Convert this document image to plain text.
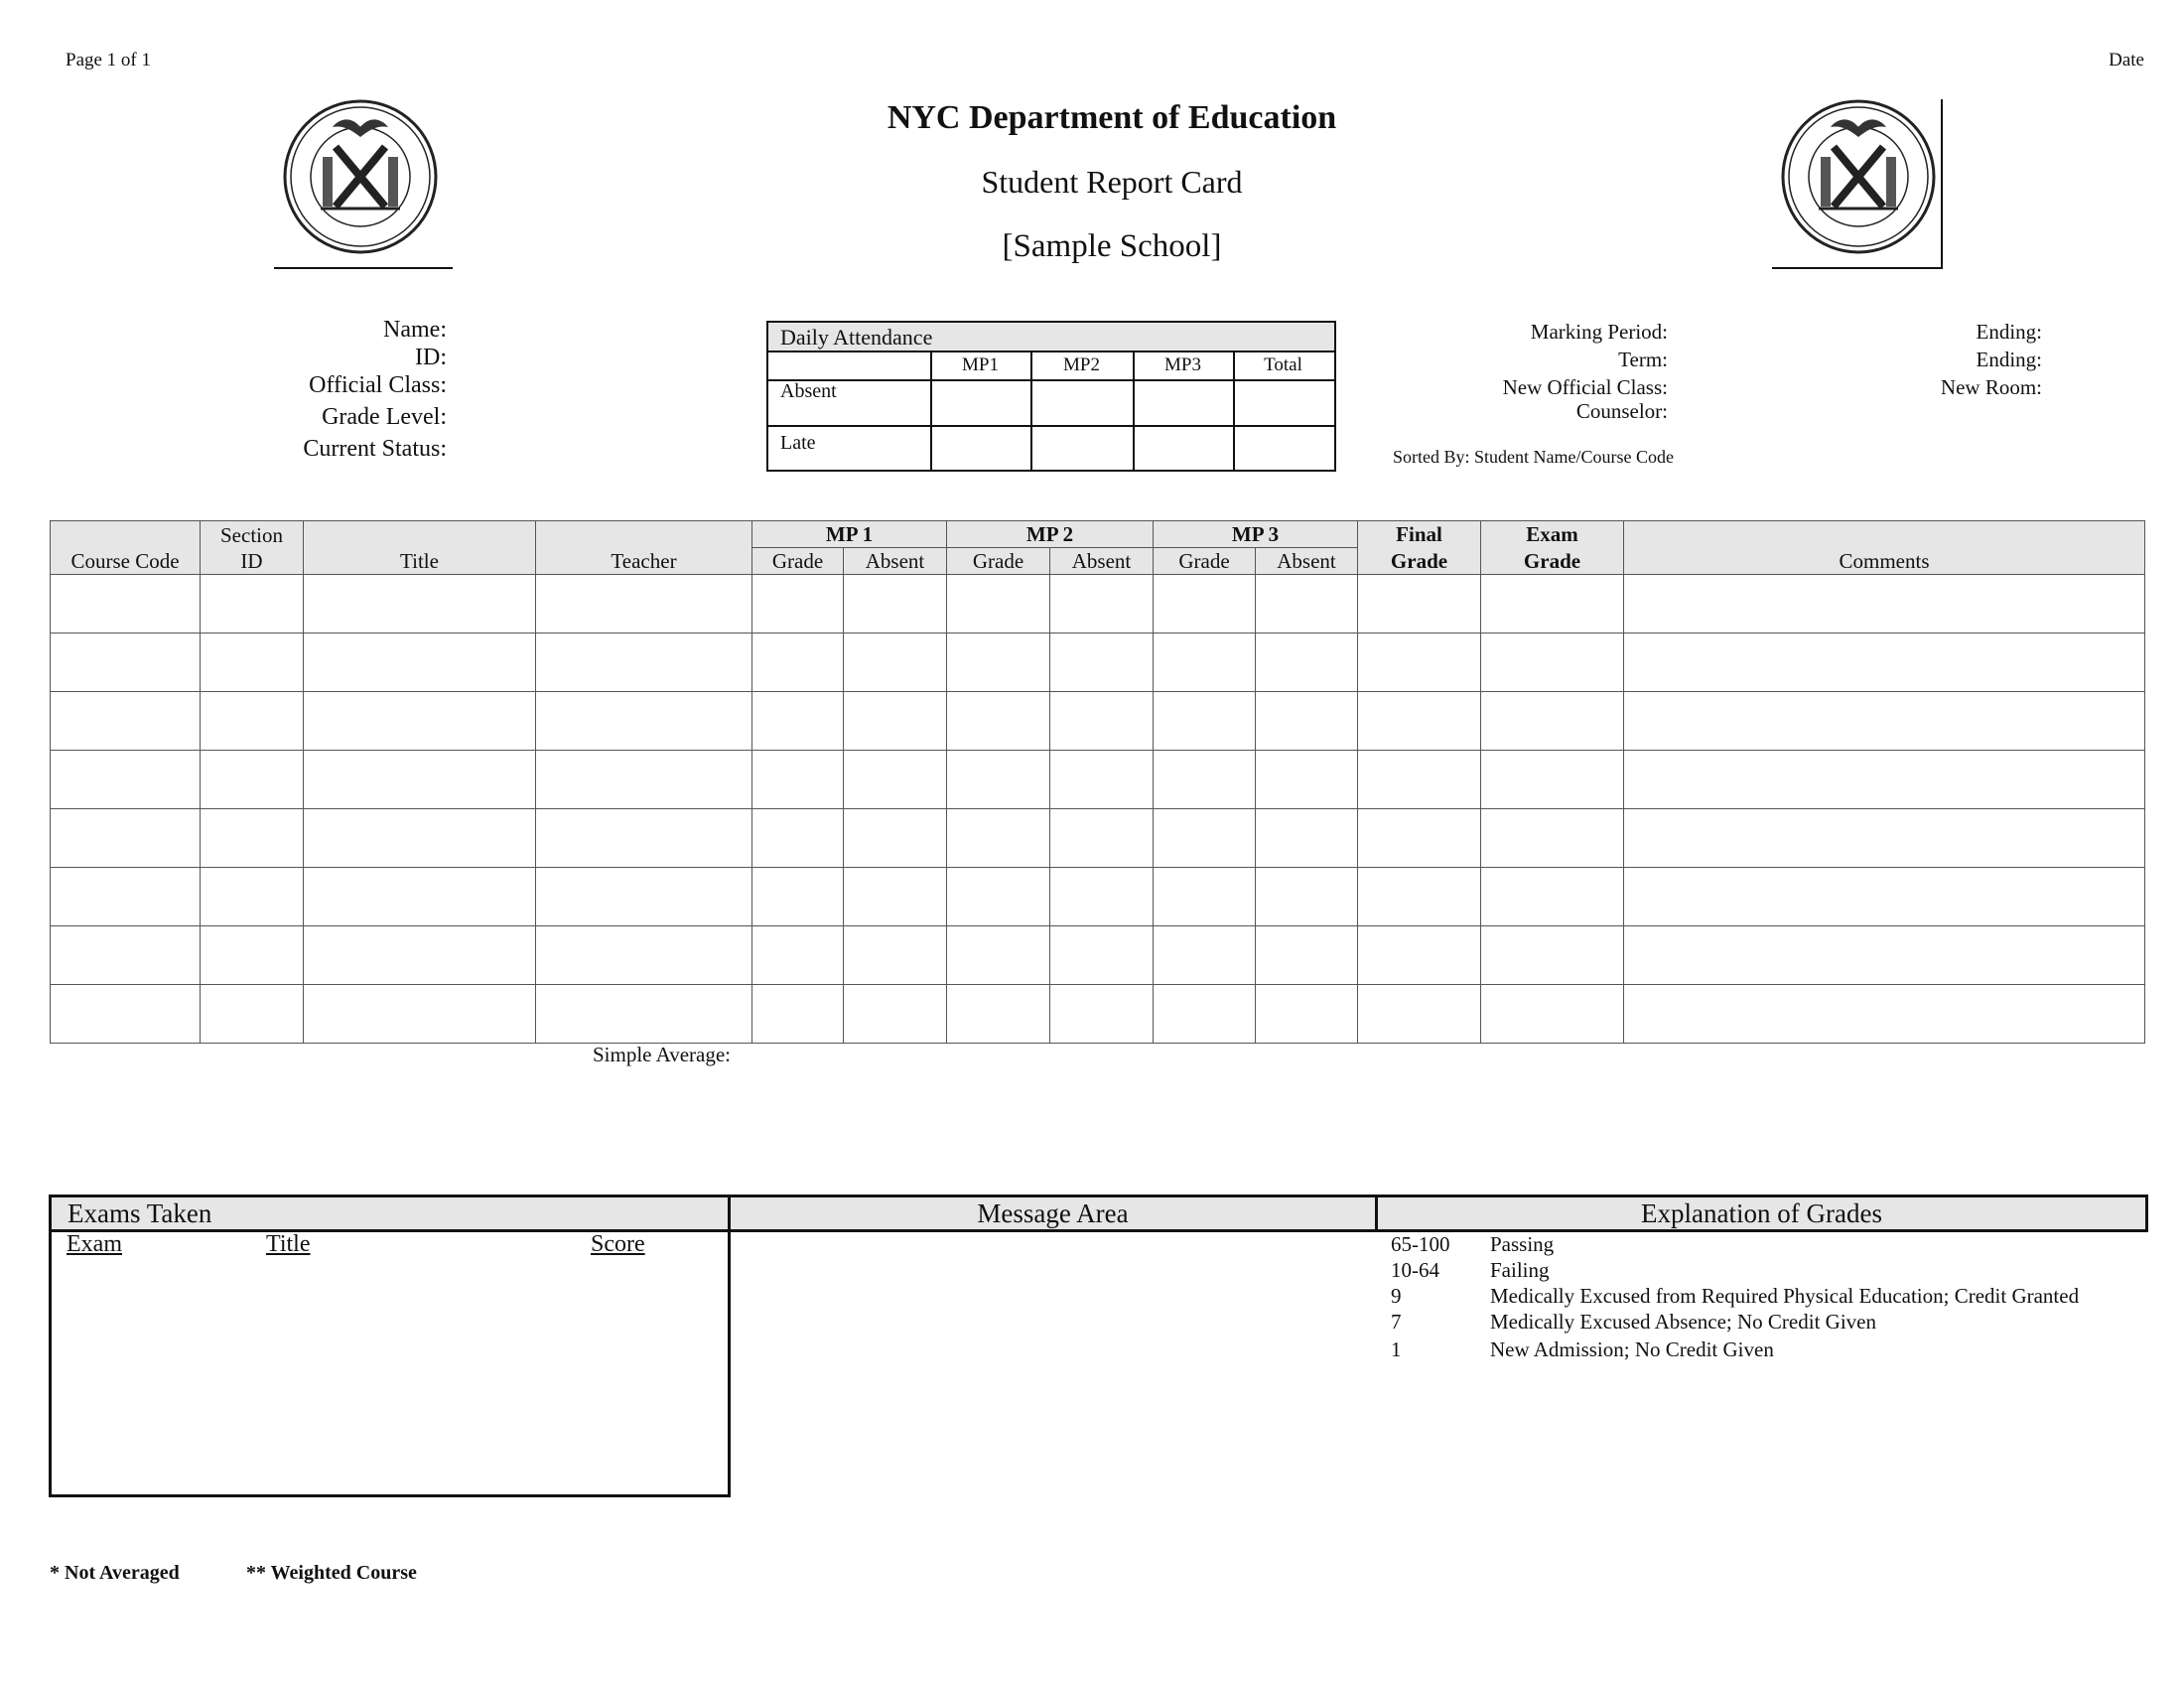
Page 1 of 1	Date
NYC Department of Education
Student Report Card
[Sample School]
Name:
ID:
Official Class:
Grade Level:
Current Status:
Daily Attendance
MP1	MP2	MP3	Total
Absent
Late
Marking Period:
Term:
New Official Class:
Counselor:
Ending:
Ending:
New Room:
Sorted By: Student Name/Course Code
Course Code	Section	Title	Teacher	MP 1		MP 2		MP 3		Final	Exam	Comments
	ID			Grade	Absent	Grade	Absent	Grade	Absent	Grade	Grade	

Simple Average:
Exams Taken
Exam	Title	Score
Message Area	Explanation of Grades
65-100 Passing
10-64 Failing
9	Medically Excused from Required Physical Education; Credit Granted
7	Medically Excused Absence; No Credit Given
1	New Admission; No Credit Given
* Not Averaged	** Weighted Course
